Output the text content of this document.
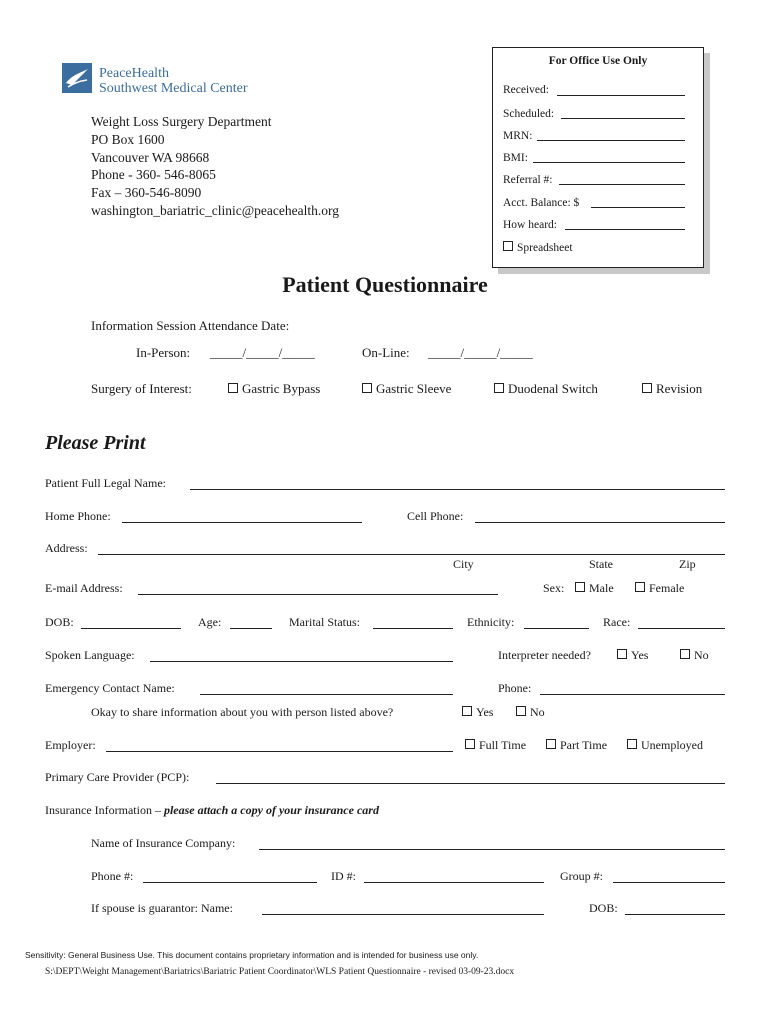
PeaceHealth
Southwest Medical Center
Weight Loss Surgery Department
PO Box 1600
Vancouver WA 98668
Phone - 360- 546-8065
Fax – 360-546-8090
washington_bariatric_clinic@peacehealth.org
For Office Use Only
Received:
Scheduled:
MRN:
BMI:
Referral #:
Acct. Balance: $
How heard:
Spreadsheet
Patient Questionnaire
Information Session Attendance Date:
In-Person: _____/_____/_____	On-Line: _____/_____/_____
Surgery of Interest:	Gastric Bypass	Gastric Sleeve	Duodenal Switch	Revision
Please Print
Patient Full Legal Name:
Home Phone:	Cell Phone:
Address:
City	State	Zip
E-mail Address:	Sex:	Male	Female
DOB:	Age:	Marital Status:	Ethnicity:	Race:
Spoken Language:	Interpreter needed?	Yes	No
Emergency Contact Name:	Phone:
Okay to share information about you with person listed above?	Yes	No
Employer:	Full Time	Part Time	Unemployed
Primary Care Provider (PCP):
Insurance Information – please attach a copy of your insurance card
Name of Insurance Company:
Phone #:	ID #:	Group #:
If spouse is guarantor: Name:	DOB:
Sensitivity: General Business Use. This document contains proprietary information and is intended for business use only.
S:\DEPT\Weight Management\Bariatrics\Bariatric Patient Coordinator\WLS Patient Questionnaire - revised 03-09-23.docx
